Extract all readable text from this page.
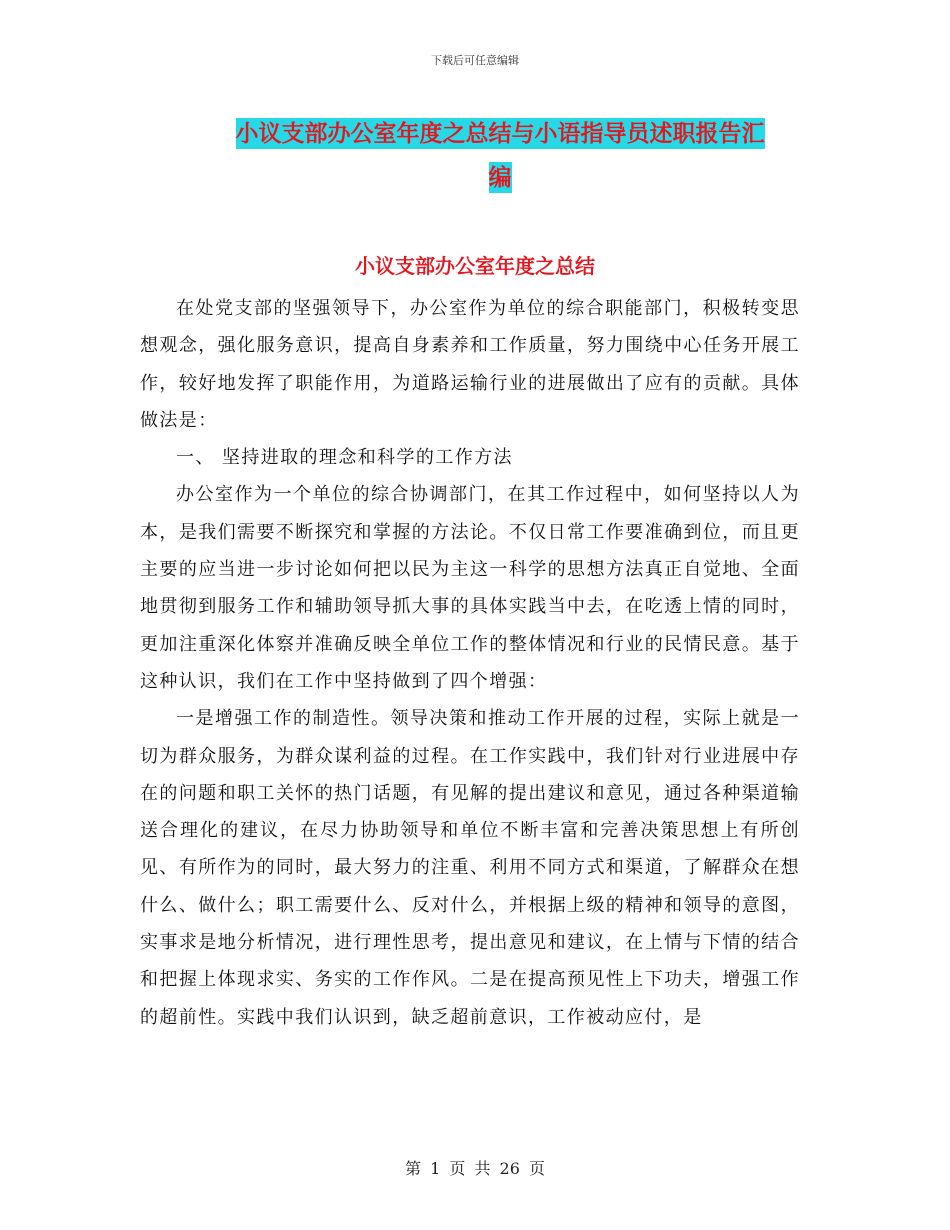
下载后可任意编辑
小议支部办公室年度之总结与小语指导员述职报告汇
编
小议支部办公室年度之总结

在处党支部的坚强领导下，办公室作为单位的综合职能部门，积极转变思想观念，强化服务意识，提高自身素养和工作质量，努力围绕中心任务开展工作，较好地发挥了职能作用，为道路运输行业的进展做出了应有的贡献。具体做法是：

一、 坚持进取的理念和科学的工作方法

办公室作为一个单位的综合协调部门，在其工作过程中，如何坚持以人为本，是我们需要不断探究和掌握的方法论。不仅日常工作要准确到位，而且更主要的应当进一步讨论如何把以民为主这一科学的思想方法真正自觉地、全面地贯彻到服务工作和辅助领导抓大事的具体实践当中去，在吃透上情的同时，更加注重深化体察并准确反映全单位工作的整体情况和行业的民情民意。基于这种认识，我们在工作中坚持做到了四个增强：

一是增强工作的制造性。领导决策和推动工作开展的过程，实际上就是一切为群众服务，为群众谋利益的过程。在工作实践中，我们针对行业进展中存在的问题和职工关怀的热门话题，有见解的提出建议和意见，通过各种渠道输送合理化的建议，在尽力协助领导和单位不断丰富和完善决策思想上有所创见、有所作为的同时，最大努力的注重、利用不同方式和渠道，了解群众在想什么、做什么；职工需要什么、反对什么，并根据上级的精神和领导的意图，实事求是地分析情况，进行理性思考，提出意见和建议，在上情与下情的结合和把握上体现求实、务实的工作作风。二是在提高预见性上下功夫，增强工作的超前性。实践中我们认识到，缺乏超前意识，工作被动应付，是

第 1 页 共 26 页
